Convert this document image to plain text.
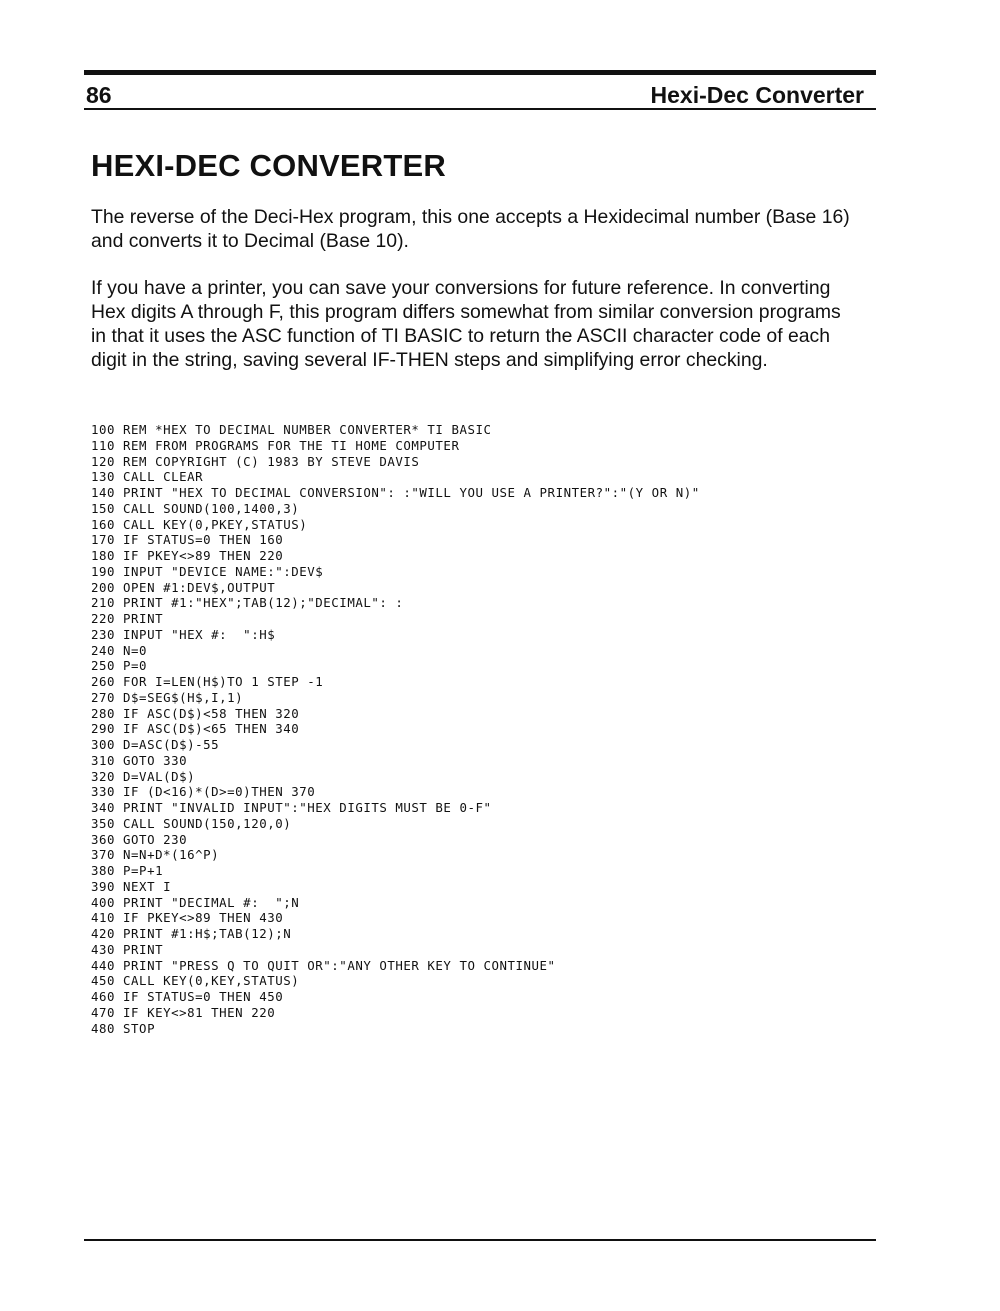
86	Hexi-Dec Converter
HEXI-DEC CONVERTER

The reverse of the Deci-Hex program, this one accepts a Hexidecimal number (Base 16) and converts it to Decimal (Base 10).

If you have a printer, you can save your conversions for future reference. In converting Hex digits A through F, this program differs somewhat from similar conversion programs in that it uses the ASC function of TI BASIC to return the ASCII character code of each digit in the string, saving several IF-THEN steps and simplifying error checking.

100 REM *HEX TO DECIMAL NUMBER CONVERTER* TI BASIC
110 REM FROM PROGRAMS FOR THE TI HOME COMPUTER
120 REM COPYRIGHT (C) 1983 BY STEVE DAVIS
130 CALL CLEAR
140 PRINT "HEX TO DECIMAL CONVERSION": :"WILL YOU USE A PRINTER?":"(Y OR N)"
150 CALL SOUND(100,1400,3)
160 CALL KEY(0,PKEY,STATUS)
170 IF STATUS=0 THEN 160
180 IF PKEY<>89 THEN 220
190 INPUT "DEVICE NAME:":DEV$
200 OPEN #1:DEV$,OUTPUT
210 PRINT #1:"HEX";TAB(12);"DECIMAL": :
220 PRINT
230 INPUT "HEX #:  ":H$
240 N=0
250 P=0
260 FOR I=LEN(H$)TO 1 STEP -1
270 D$=SEG$(H$,I,1)
280 IF ASC(D$)<58 THEN 320
290 IF ASC(D$)<65 THEN 340
300 D=ASC(D$)-55
310 GOTO 330
320 D=VAL(D$)
330 IF (D<16)*(D>=0)THEN 370
340 PRINT "INVALID INPUT":"HEX DIGITS MUST BE 0-F"
350 CALL SOUND(150,120,0)
360 GOTO 230
370 N=N+D*(16^P)
380 P=P+1
390 NEXT I
400 PRINT "DECIMAL #:  ";N
410 IF PKEY<>89 THEN 430
420 PRINT #1:H$;TAB(12);N
430 PRINT
440 PRINT "PRESS Q TO QUIT OR":"ANY OTHER KEY TO CONTINUE"
450 CALL KEY(0,KEY,STATUS)
460 IF STATUS=0 THEN 450
470 IF KEY<>81 THEN 220
480 STOP
